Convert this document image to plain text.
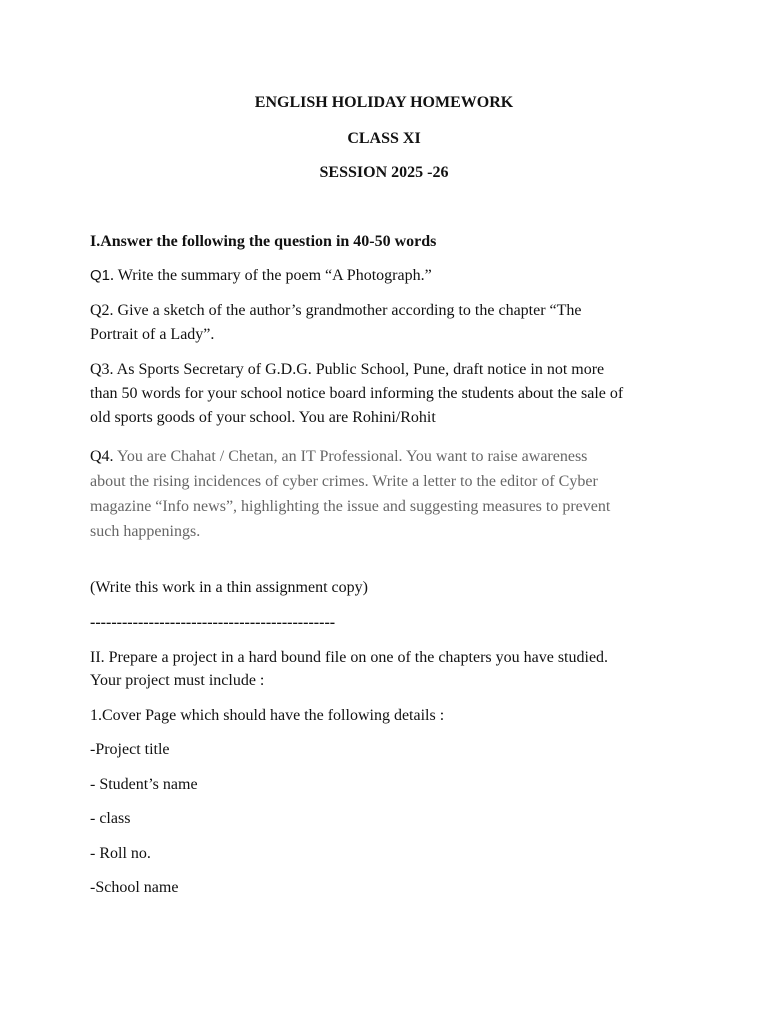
ENGLISH HOLIDAY HOMEWORK
CLASS XI
SESSION 2025 -26
I.Answer the following the question in 40-50 words
Q1. Write the summary of the poem “A Photograph.”
Q2. Give a sketch of the author’s grandmother according to the chapter “The
Portrait of a Lady”.
Q3. As Sports Secretary of G.D.G. Public School, Pune, draft notice in not more
than 50 words for your school notice board informing the students about the sale of
old sports goods of your school. You are Rohini/Rohit
Q4. You are Chahat / Chetan, an IT Professional. You want to raise awareness
about the rising incidences of cyber crimes. Write a letter to the editor of Cyber
magazine “Info news”, highlighting the issue and suggesting measures to prevent
such happenings.
(Write this work in a thin assignment copy)
----------------------------------------------
II. Prepare a project in a hard bound file on one of the chapters you have studied.
Your project must include :
1.Cover Page which should have the following details :
-Project title
- Student’s name
- class
- Roll no.
-School name
